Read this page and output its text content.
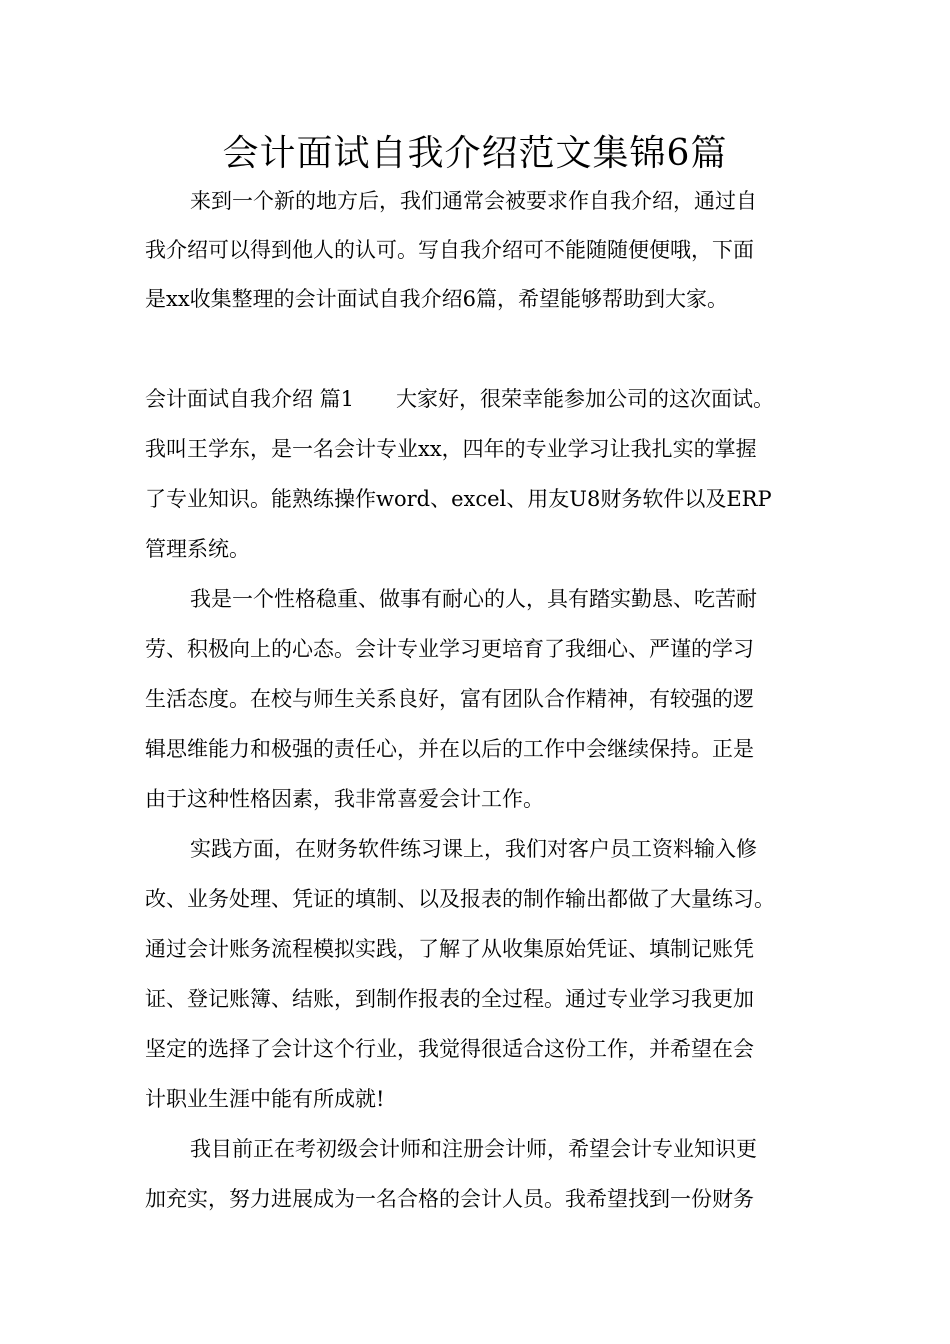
会计面试自我介绍范文集锦6篇
来到一个新的地方后，我们通常会被要求作自我介绍，通过自
我介绍可以得到他人的认可。写自我介绍可不能随随便便哦，下面
是xx收集整理的会计面试自我介绍6篇，希望能够帮助到大家。
会计面试自我介绍 篇1　　大家好，很荣幸能参加公司的这次面试。
我叫王学东，是一名会计专业xx，四年的专业学习让我扎实的掌握
了专业知识。能熟练操作word、excel、用友U8财务软件以及ERP
管理系统。
我是一个性格稳重、做事有耐心的人，具有踏实勤恳、吃苦耐
劳、积极向上的心态。会计专业学习更培育了我细心、严谨的学习
生活态度。在校与师生关系良好，富有团队合作精神，有较强的逻
辑思维能力和极强的责任心，并在以后的工作中会继续保持。正是
由于这种性格因素，我非常喜爱会计工作。
实践方面，在财务软件练习课上，我们对客户员工资料输入修
改、业务处理、凭证的填制、以及报表的制作输出都做了大量练习。
通过会计账务流程模拟实践，了解了从收集原始凭证、填制记账凭
证、登记账簿、结账，到制作报表的全过程。通过专业学习我更加
坚定的选择了会计这个行业，我觉得很适合这份工作，并希望在会
计职业生涯中能有所成就!
我目前正在考初级会计师和注册会计师，希望会计专业知识更
加充实，努力进展成为一名合格的会计人员。我希望找到一份财务
